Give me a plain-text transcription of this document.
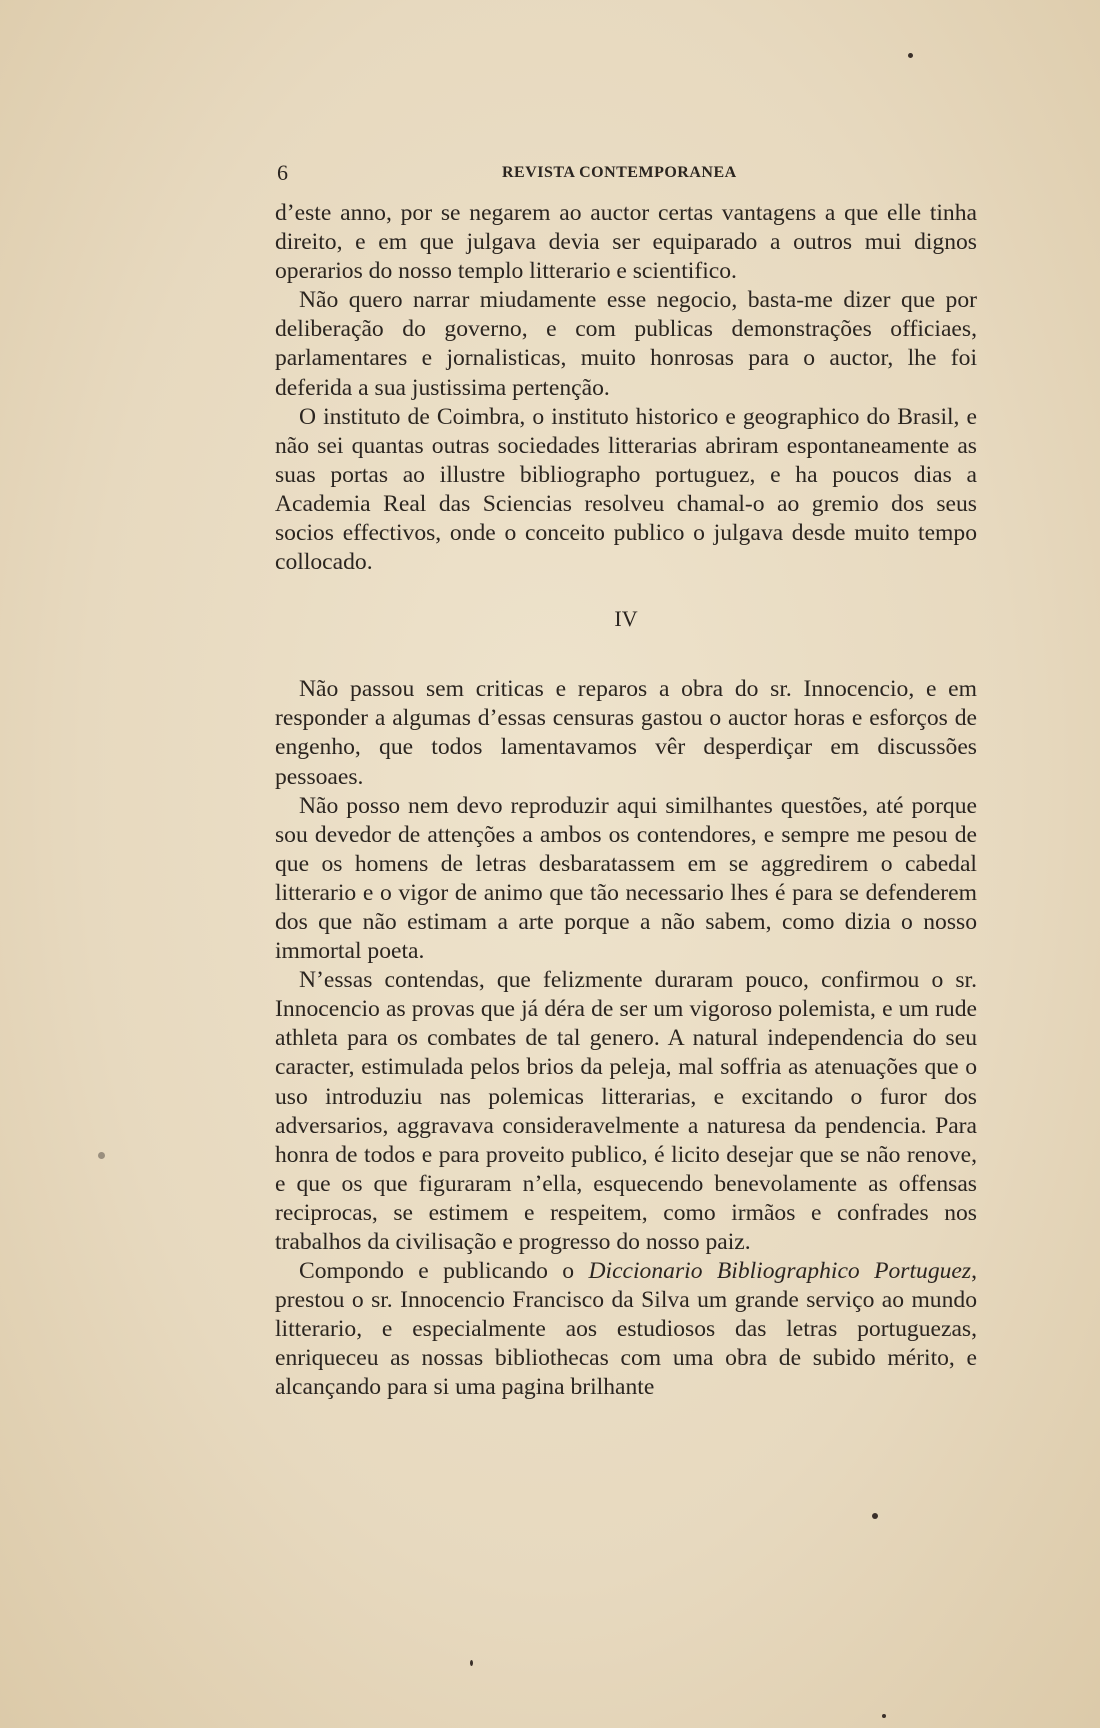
6	REVISTA CONTEMPORANEA

d’este anno, por se negarem ao auctor certas vantagens a que elle tinha direito, e em que julgava devia ser equiparado a outros mui dignos operarios do nosso templo litterario e scientifico.

Não quero narrar miudamente esse negocio, basta-me dizer que por deliberação do governo, e com publicas demonstrações officiaes, parlamentares e jornalisticas, muito honrosas para o auctor, lhe foi deferida a sua justissima pertenção.

O instituto de Coimbra, o instituto historico e geographico do Brasil, e não sei quantas outras sociedades litterarias abriram espontaneamente as suas portas ao illustre bibliographo portuguez, e ha poucos dias a Academia Real das Sciencias resolveu chamal-o ao gremio dos seus socios effectivos, onde o conceito publico o julgava desde muito tempo collocado.

IV

Não passou sem criticas e reparos a obra do sr. Innocencio, e em responder a algumas d’essas censuras gastou o auctor horas e esforços de engenho, que todos lamentavamos vêr desperdiçar em discussões pessoaes.

Não posso nem devo reproduzir aqui similhantes questões, até porque sou devedor de attenções a ambos os contendores, e sempre me pesou de que os homens de letras desbaratassem em se aggredirem o cabedal litterario e o vigor de animo que tão necessario lhes é para se defenderem dos que não estimam a arte porque a não sabem, como dizia o nosso immortal poeta.

N’essas contendas, que felizmente duraram pouco, confirmou o sr. Innocencio as provas que já déra de ser um vigoroso polemista, e um rude athleta para os combates de tal genero. A natural independencia do seu caracter, estimulada pelos brios da peleja, mal soffria as atenuações que o uso introduziu nas polemicas litterarias, e excitando o furor dos adversarios, aggravava consideravelmente a naturesa da pendencia. Para honra de todos e para proveito publico, é licito desejar que se não renove, e que os que figuraram n’ella, esquecendo benevolamente as offensas reciprocas, se estimem e respeitem, como irmãos e confrades nos trabalhos da civilisação e progresso do nosso paiz.

Compondo e publicando o Diccionario Bibliographico Portuguez, prestou o sr. Innocencio Francisco da Silva um grande serviço ao mundo litterario, e especialmente aos estudiosos das letras portuguezas, enriqueceu as nossas bibliothecas com uma obra de subido mérito, e alcançando para si uma pagina brilhante
